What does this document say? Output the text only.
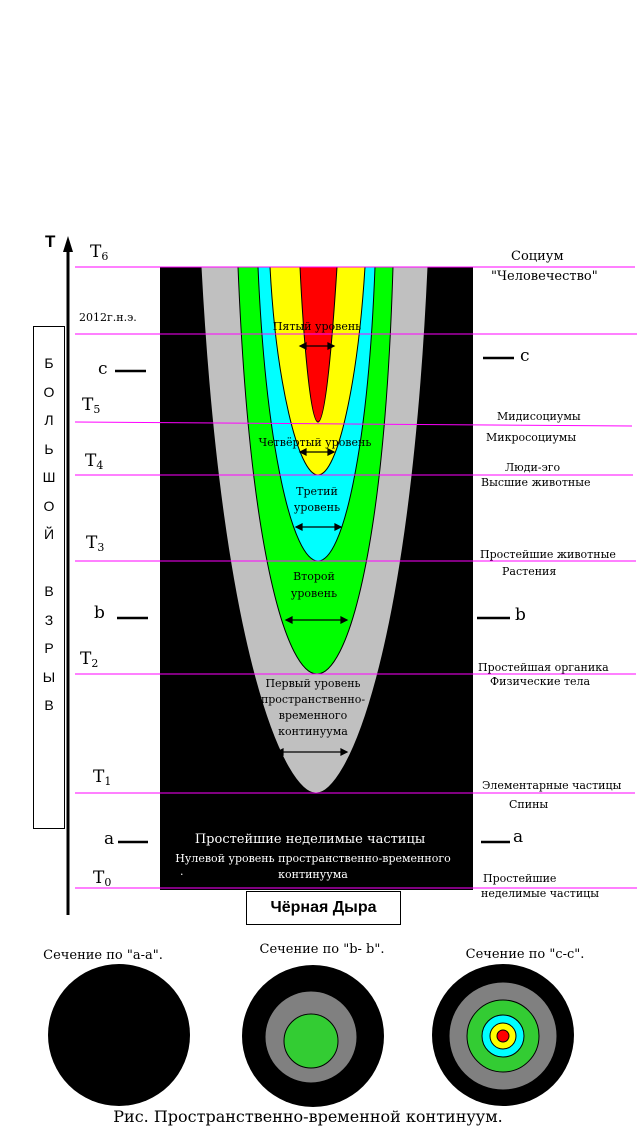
T
$T_6$
$T_5$
$T_4$
$T_3$
$T_2$
$T_1$
$T_0$
2012г.н.э.
c
c
b	b
a	a
Б
О
Л
Ь
Ш
О
Й
В
З
Р
Ы
В
Пятый уровень
Четвёртый уровень
Третий
уровень
Второй
уровень
Первый уровень
пространственно-
временного
континуума
Простейшие неделимые частицы
Нулевой уровень пространственно-временного
.	континуума
Социум
"Человечество"
Мидисоциумы
Микросоциумы
Люди-эго
Высшие животные
Простейшие животные
Растения
Простейшая органика
Физические тела
Элементарные частицы
Спины
Простейшие
неделимые частицы
Чёрная Дыра
Сечение по "а-а".	Сечение по "b- b".	Сечение по "с-с".
Рис. Пространственно-временной континуум.
